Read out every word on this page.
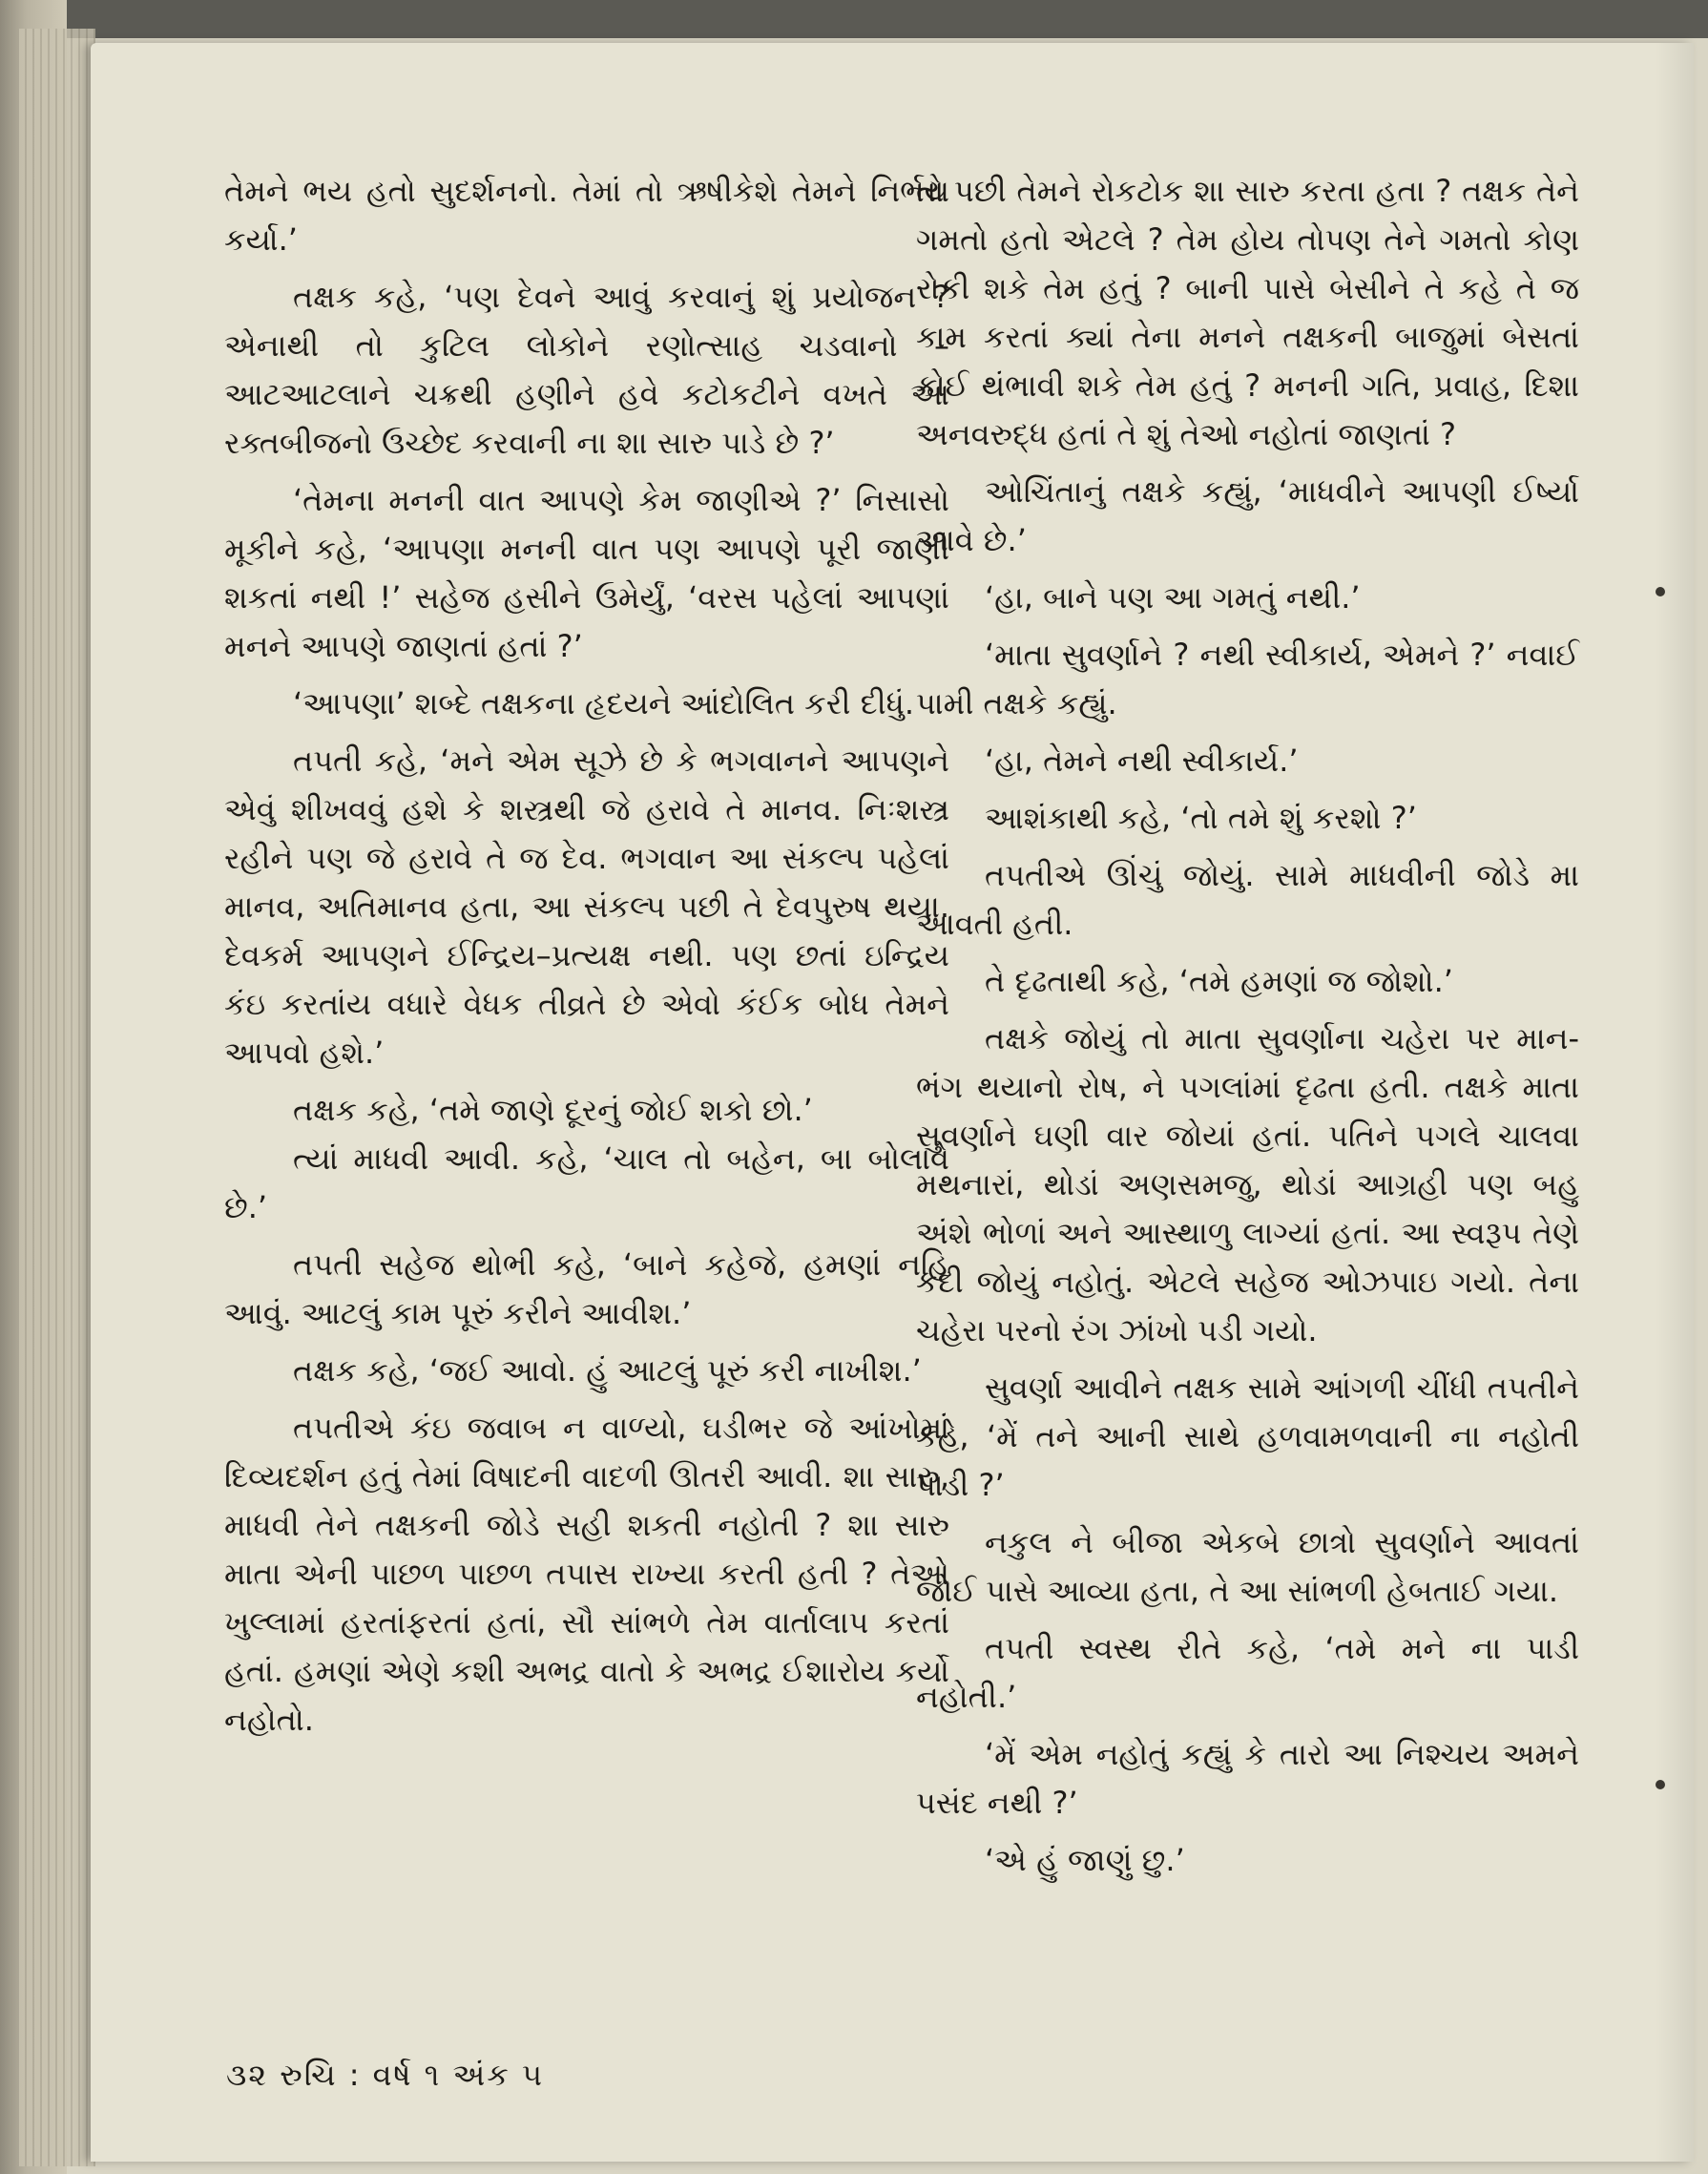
તેમને ભય હતો સુદર્શનનો. તેમાં તો ઋષીકેશે તેમને નિર્ભય કર્યા.’

તક્ષક કહે, ‘પણ દેવને આવું કરવાનું શું પ્રયોજન ? એનાથી તો કુટિલ લોકોને રણોત્સાહ ચડવાનો – આટઆટલાને ચક્રથી હણીને હવે કટોકટીને વખતે આ રક્તબીજનો ઉચ્છેદ કરવાની ના શા સારુ પાડે છે ?’

‘તેમના મનની વાત આપણે કેમ જાણીએ ?’ નિસાસો મૂકીને કહે, ‘આપણા મનની વાત પણ આપણે પૂરી જાણી શકતાં નથી !’ સહેજ હસીને ઉમેર્યું, ‘વરસ પહેલાં આપણાં મનને આપણે જાણતાં હતાં ?’

‘આપણા’ શબ્દે તક્ષકના હૃદયને આંદોલિત કરી દીધું.

તપતી કહે, ‘મને એમ સૂઝે છે કે ભગવાનને આપણને એવું શીખવવું હશે કે શસ્ત્રથી જે હરાવે તે માનવ. નિઃશસ્ત્ર રહીને પણ જે હરાવે તે જ દેવ. ભગવાન આ સંકલ્પ પહેલાં માનવ, અતિમાનવ હતા, આ સંકલ્પ પછી તે દેવપુરુષ થયા. દેવકર્મ આપણને ઈન્દ્રિય–પ્રત્યક્ષ નથી. પણ છતાં ઇન્દ્રિય કંઇ કરતાંય વધારે વેધક તીવ્રતે છે એવો કંઈક બોધ તેમને આપવો હશે.’

તક્ષક કહે, ‘તમે જાણે દૂરનું જોઈ શકો છો.’

ત્યાં માધવી આવી. કહે, ‘ચાલ તો બહેન, બા બોલાવે છે.’

તપતી સહેજ થોભી કહે, ‘બાને કહેજે, હમણાં નહિ આવું. આટલું કામ પૂરું કરીને આવીશ.’

તક્ષક કહે, ‘જઈ આવો. હું આટલું પૂરું કરી નાખીશ.’

તપતીએ કંઇ જવાબ ન વાળ્યો, ઘડીભર જે આંખોમાં દિવ્યદર્શન હતું તેમાં વિષાદની વાદળી ઊતરી આવી. શા સારુ, માધવી તેને તક્ષકની જોડે સહી શકતી નહોતી ? શા સારુ માતા એની પાછળ પાછળ તપાસ રાખ્યા કરતી હતી ? તેઓ ખુલ્લામાં હરતાંફરતાં હતાં, સૌ સાંભળે તેમ વાર્તાલાપ કરતાં હતાં. હમણાં એણે કશી અભદ્ર વાતો કે અભદ્ર ઈશારોય કર્યો નહોતો.

તો પછી તેમને રોકટોક શા સારુ કરતા હતા ? તક્ષક તેને ગમતો હતો એટલે ? તેમ હોય તોપણ તેને ગમતો કોણ રોકી શકે તેમ હતું ? બાની પાસે બેસીને તે કહે તે જ કામ કરતાં ક્યાં તેના મનને તક્ષકની બાજુમાં બેસતાં કોઈ થંભાવી શકે તેમ હતું ? મનની ગતિ, પ્રવાહ, દિશા અનવરુદ્ધ હતાં તે શું તેઓ નહોતાં જાણતાં ?

ઓચિંતાનું તક્ષકે કહ્યું, ‘માધવીને આપણી ઈર્ષ્યા આવે છે.’

‘હા, બાને પણ આ ગમતું નથી.’

‘માતા સુવર્ણાને ? નથી સ્વીકાર્ય, એમને ?’ નવાઈ પામી તક્ષકે કહ્યું.

‘હા, તેમને નથી સ્વીકાર્ય.’

આશંકાથી કહે, ‘તો તમે શું કરશો ?’

તપતીએ ઊંચું જોયું. સામે માધવીની જોડે મા આવતી હતી.

તે દૃઢતાથી કહે, ‘તમે હમણાં જ જોશો.’

તક્ષકે જોયું તો માતા સુવર્ણાના ચહેરા પર માન-ભંગ થયાનો રોષ, ને પગલાંમાં દૃઢતા હતી. તક્ષકે માતા સુવર્ણાને ઘણી વાર જોયાં હતાં. પતિને પગલે ચાલવા મથનારાં, થોડાં અણસમજુ, થોડાં આગ્રહી પણ બહુ અંશે ભોળાં અને આસ્થાળુ લાગ્યાં હતાં. આ સ્વરૂપ તેણે કદી જોયું નહોતું. એટલે સહેજ ઓઝપાઇ ગયો. તેના ચહેરા પરનો રંગ ઝાંખો પડી ગયો.

સુવર્ણા આવીને તક્ષક સામે આંગળી ચીંધી તપતીને કહે, ‘મેં તને આની સાથે હળવામળવાની ના નહોતી પાડી ?’

નકુલ ને બીજા એકબે છાત્રો સુવર્ણાને આવતાં જોઈ પાસે આવ્યા હતા, તે આ સાંભળી હેબતાઈ ગયા.

તપતી સ્વસ્થ રીતે કહે, ‘તમે મને ના પાડી નહોતી.’

‘મેં એમ નહોતું કહ્યું કે તારો આ નિશ્ચય અમને પસંદ નથી ?’

‘એ હું જાણું છુ.’

૩૨ રુચિ : વર્ષ ૧ અંક ૫
